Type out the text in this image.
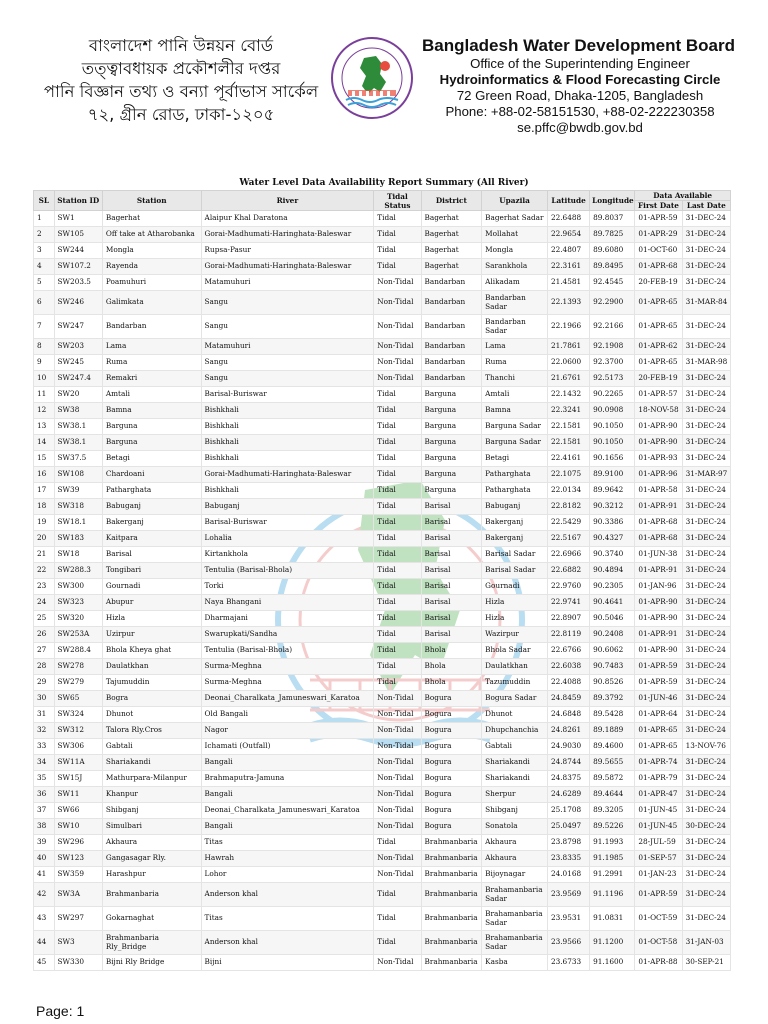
বাংলাদেশ পানি উন্নয়ন বোর্ড
তত্ত্বাবধায়ক প্রকৌশলীর দপ্তর
পানি বিজ্ঞান তথ্য ও বন্যা পূর্বাভাস সার্কেল
৭২, গ্রীন রোড, ঢাকা-১২০৫
Bangladesh Water Development Board
Office of the Superintending Engineer
Hydroinformatics & Flood Forecasting Circle
72 Green Road, Dhaka-1205, Bangladesh
Phone: +88-02-58151530, +88-02-222230358
se.pffc@bwdb.gov.bd
Water Level Data Availability Report Summary (All River)
SL	Station ID	Station	River	Tidal Status	District	Upazila	Latitude	Longitude	Data Available	
									First Date	Last Date
1	SW1	Bagerhat	Alaipur Khal Daratona	Tidal	Bagerhat	Bagerhat Sadar	22.6488	89.8037	01-APR-59	31-DEC-24
2	SW105	Off take at Atharobanka	Gorai-Madhumati-Haringhata-Baleswar	Tidal	Bagerhat	Mollahat	22.9654	89.7825	01-APR-29	31-DEC-24
3	SW244	Mongla	Rupsa-Pasur	Tidal	Bagerhat	Mongla	22.4807	89.6080	01-OCT-60	31-DEC-24
4	SW107.2	Rayenda	Gorai-Madhumati-Haringhata-Baleswar	Tidal	Bagerhat	Sarankhola	22.3161	89.8495	01-APR-68	31-DEC-24
5	SW203.5	Poamuhuri	Matamuhuri	Non-Tidal	Bandarban	Alikadam	21.4581	92.4545	20-FEB-19	31-DEC-24
6	SW246	Galimkata	Sangu	Non-Tidal	Bandarban	Bandarban Sadar	22.1393	92.2900	01-APR-65	31-MAR-84
7	SW247	Bandarban	Sangu	Non-Tidal	Bandarban	Bandarban Sadar	22.1966	92.2166	01-APR-65	31-DEC-24
8	SW203	Lama	Matamuhuri	Non-Tidal	Bandarban	Lama	21.7861	92.1908	01-APR-62	31-DEC-24
9	SW245	Ruma	Sangu	Non-Tidal	Bandarban	Ruma	22.0600	92.3700	01-APR-65	31-MAR-98
10	SW247.4	Remakri	Sangu	Non-Tidal	Bandarban	Thanchi	21.6761	92.5173	20-FEB-19	31-DEC-24
11	SW20	Amtali	Barisal-Buriswar	Tidal	Barguna	Amtali	22.1432	90.2265	01-APR-57	31-DEC-24
12	SW38	Bamna	Bishkhali	Tidal	Barguna	Bamna	22.3241	90.0908	18-NOV-58	31-DEC-24
13	SW38.1	Barguna	Bishkhali	Tidal	Barguna	Barguna Sadar	22.1581	90.1050	01-APR-90	31-DEC-24
14	SW38.1	Barguna	Bishkhali	Tidal	Barguna	Barguna Sadar	22.1581	90.1050	01-APR-90	31-DEC-24
15	SW37.5	Betagi	Bishkhali	Tidal	Barguna	Betagi	22.4161	90.1656	01-APR-93	31-DEC-24
16	SW108	Chardoani	Gorai-Madhumati-Haringhata-Baleswar	Tidal	Barguna	Patharghata	22.1075	89.9100	01-APR-96	31-MAR-97
17	SW39	Patharghata	Bishkhali	Tidal	Barguna	Patharghata	22.0134	89.9642	01-APR-58	31-DEC-24
18	SW318	Babuganj	Babuganj	Tidal	Barisal	Babuganj	22.8182	90.3212	01-APR-91	31-DEC-24
19	SW18.1	Bakerganj	Barisal-Buriswar	Tidal	Barisal	Bakerganj	22.5429	90.3386	01-APR-68	31-DEC-24
20	SW183	Kaitpara	Lohalia	Tidal	Barisal	Bakerganj	22.5167	90.4327	01-APR-68	31-DEC-24
21	SW18	Barisal	Kirtankhola	Tidal	Barisal	Barisal Sadar	22.6966	90.3740	01-JUN-38	31-DEC-24
22	SW288.3	Tongibari	Tentulia (Barisal-Bhola)	Tidal	Barisal	Barisal Sadar	22.6882	90.4894	01-APR-91	31-DEC-24
23	SW300	Gournadi	Torki	Tidal	Barisal	Gournadi	22.9760	90.2305	01-JAN-96	31-DEC-24
24	SW323	Abupur	Naya Bhangani	Tidal	Barisal	Hizla	22.9741	90.4641	01-APR-90	31-DEC-24
25	SW320	Hizla	Dharmajani	Tidal	Barisal	Hizla	22.8907	90.5046	01-APR-90	31-DEC-24
26	SW253A	Uzirpur	Swarupkati/Sandha	Tidal	Barisal	Wazirpur	22.8119	90.2408	01-APR-91	31-DEC-24
27	SW288.4	Bhola Kheya ghat	Tentulia (Barisal-Bhola)	Tidal	Bhola	Bhola Sadar	22.6766	90.6062	01-APR-90	31-DEC-24
28	SW278	Daulatkhan	Surma-Meghna	Tidal	Bhola	Daulatkhan	22.6038	90.7483	01-APR-59	31-DEC-24
29	SW279	Tajumuddin	Surma-Meghna	Tidal	Bhola	Tazumuddin	22.4088	90.8526	01-APR-59	31-DEC-24
30	SW65	Bogra	Deonai_Charalkata_Jamuneswari_Karatoa	Non-Tidal	Bogura	Bogura Sadar	24.8459	89.3792	01-JUN-46	31-DEC-24
31	SW324	Dhunot	Old Bangali	Non-Tidal	Bogura	Dhunot	24.6848	89.5428	01-APR-64	31-DEC-24
32	SW312	Talora Rly.Cros	Nagor	Non-Tidal	Bogura	Dhupchanchia	24.8261	89.1889	01-APR-65	31-DEC-24
33	SW306	Gabtali	Ichamati (Outfall)	Non-Tidal	Bogura	Gabtali	24.9030	89.4600	01-APR-65	13-NOV-76
34	SW11A	Shariakandi	Bangali	Non-Tidal	Bogura	Shariakandi	24.8744	89.5655	01-APR-74	31-DEC-24
35	SW15J	Mathurpara-Milanpur	Brahmaputra-Jamuna	Non-Tidal	Bogura	Shariakandi	24.8375	89.5872	01-APR-79	31-DEC-24
36	SW11	Khanpur	Bangali	Non-Tidal	Bogura	Sherpur	24.6289	89.4644	01-APR-47	31-DEC-24
37	SW66	Shibganj	Deonai_Charalkata_Jamuneswari_Karatoa	Non-Tidal	Bogura	Shibganj	25.1708	89.3205	01-JUN-45	31-DEC-24
38	SW10	Simulbari	Bangali	Non-Tidal	Bogura	Sonatola	25.0497	89.5226	01-JUN-45	30-DEC-24
39	SW296	Akhaura	Titas	Tidal	Brahmanbaria	Akhaura	23.8798	91.1993	28-JUL-59	31-DEC-24
40	SW123	Gangasagar Rly.	Hawrah	Non-Tidal	Brahmanbaria	Akhaura	23.8335	91.1985	01-SEP-57	31-DEC-24
41	SW359	Harashpur	Lohor	Non-Tidal	Brahmanbaria	Bijoynagar	24.0168	91.2991	01-JAN-23	31-DEC-24
42	SW3A	Brahmanbaria	Anderson khal	Tidal	Brahmanbaria	Brahamanbaria Sadar	23.9569	91.1196	01-APR-59	31-DEC-24
43	SW297	Gokarnaghat	Titas	Tidal	Brahmanbaria	Brahamanbaria Sadar	23.9531	91.0831	01-OCT-59	31-DEC-24
44	SW3	Brahmanbaria Rly_Bridge	Anderson khal	Tidal	Brahmanbaria	Brahamanbaria Sadar	23.9566	91.1200	01-OCT-58	31-JAN-03
45	SW330	Bijni Rly Bridge	Bijni	Non-Tidal	Brahmanbaria	Kasba	23.6733	91.1600	01-APR-88	30-SEP-21
Page: 1
